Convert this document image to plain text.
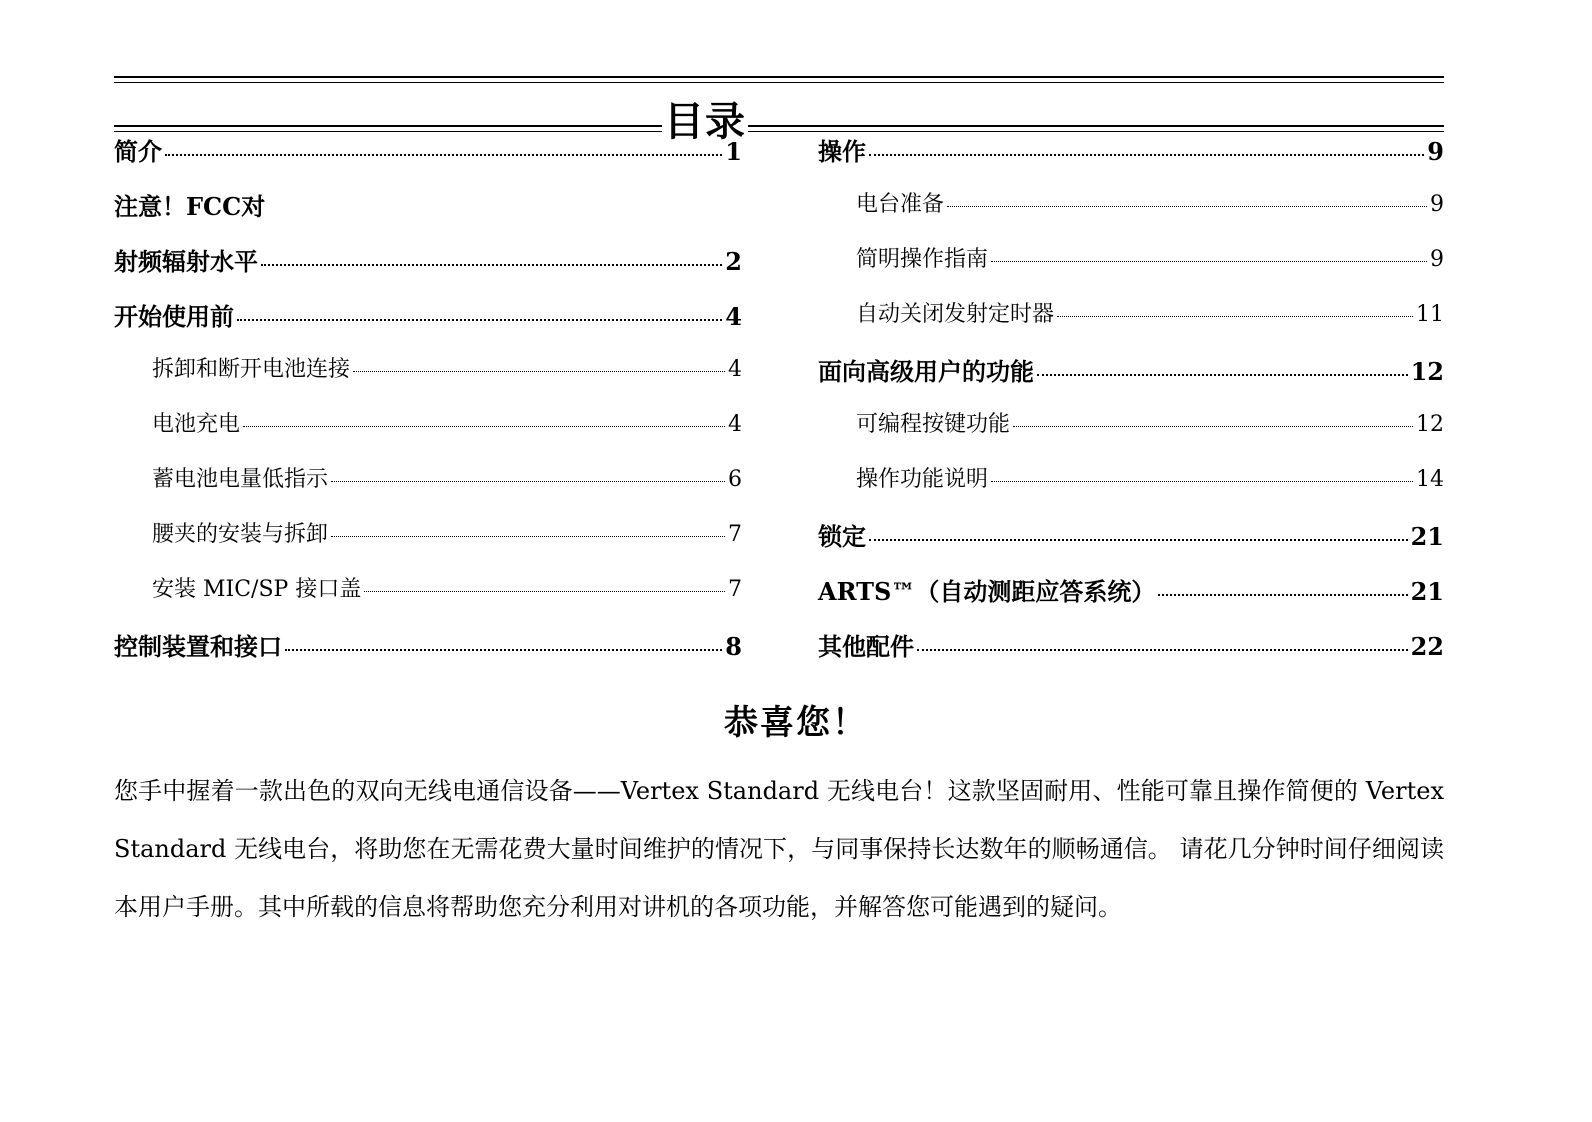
目录
简介	1
注意！FCC对
射频辐射水平	2
开始使用前	4
拆卸和断开电池连接	4
电池充电	4
蓄电池电量低指示	6
腰夹的安装与拆卸	7
安装 MIC/SP 接口盖	7
控制装置和接口	8
操作	9
电台准备	9
简明操作指南	9
自动关闭发射定时器	11
面向高级用户的功能	12
可编程按键功能	12
操作功能说明	14
锁定	21
ARTS™（自动测距应答系统）	21
其他配件	22
恭喜您！

您手中握着一款出色的双向无线电通信设备——Vertex Standard 无线电台！这款坚固耐用、性能可靠且操作简便的 Vertex Standard 无线电台，将助您在无需花费大量时间维护的情况下，与同事保持长达数年的顺畅通信。 请花几分钟时间仔细阅读本用户手册。其中所载的信息将帮助您充分利用对讲机的各项功能，并解答您可能遇到的疑问。
